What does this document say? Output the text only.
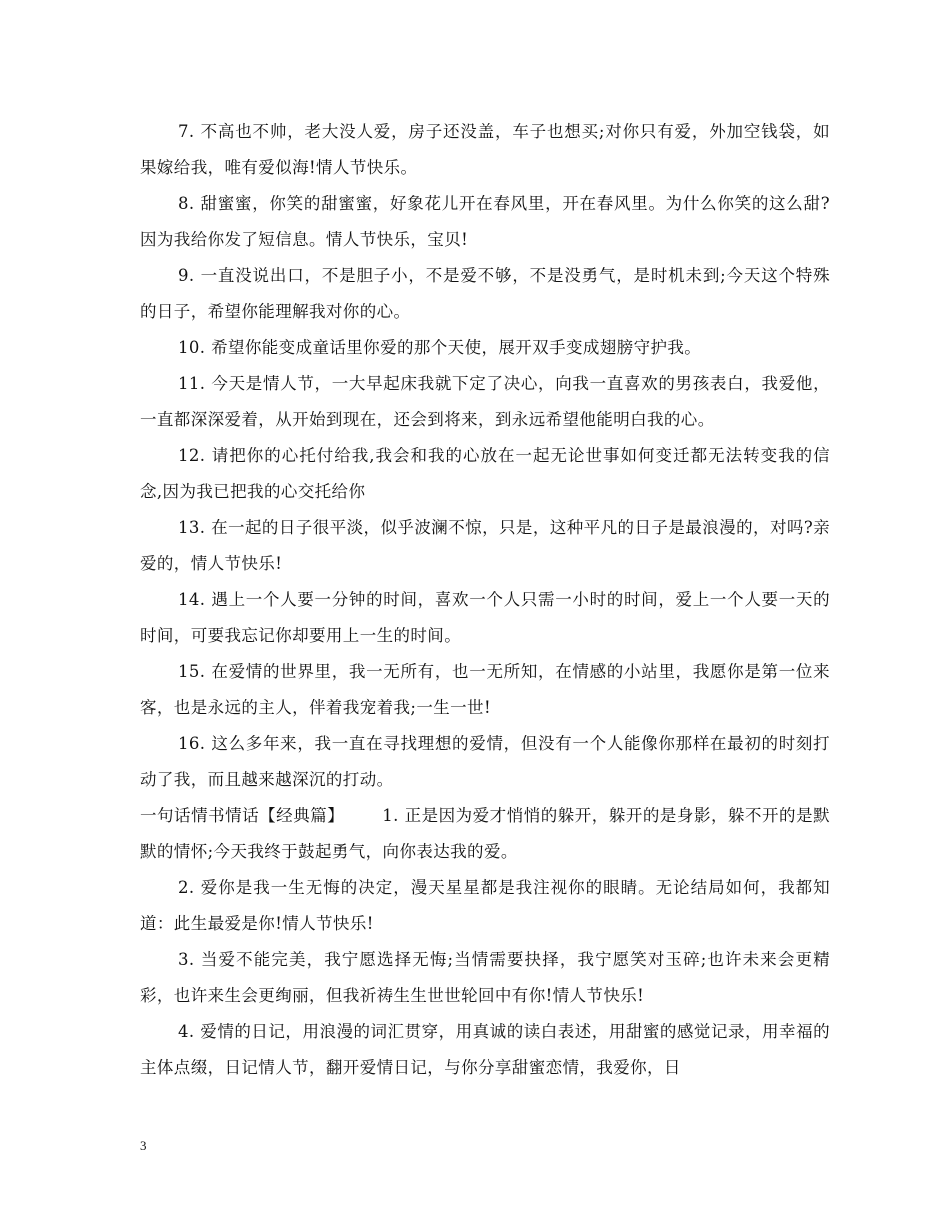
7. 不高也不帅，老大没人爱，房子还没盖，车子也想买;对你只有爱，外加空钱袋，如果嫁给我，唯有爱似海!情人节快乐。

8. 甜蜜蜜，你笑的甜蜜蜜，好象花儿开在春风里，开在春风里。为什么你笑的这么甜?因为我给你发了短信息。情人节快乐，宝贝!

9. 一直没说出口，不是胆子小，不是爱不够，不是没勇气，是时机未到;今天这个特殊的日子，希望你能理解我对你的心。

10. 希望你能变成童话里你爱的那个天使，展开双手变成翅膀守护我。

11. 今天是情人节，一大早起床我就下定了决心，向我一直喜欢的男孩表白，我爱他，一直都深深爱着，从开始到现在，还会到将来，到永远希望他能明白我的心。

12. 请把你的心托付给我,我会和我的心放在一起无论世事如何变迁都无法转变我的信念,因为我已把我的心交托给你

13. 在一起的日子很平淡，似乎波澜不惊，只是，这种平凡的日子是最浪漫的，对吗?亲爱的，情人节快乐!

14. 遇上一个人要一分钟的时间，喜欢一个人只需一小时的时间，爱上一个人要一天的时间，可要我忘记你却要用上一生的时间。

15. 在爱情的世界里，我一无所有，也一无所知，在情感的小站里，我愿你是第一位来客，也是永远的主人，伴着我宠着我;一生一世!

16. 这么多年来，我一直在寻找理想的爱情，但没有一个人能像你那样在最初的时刻打动了我，而且越来越深沉的打动。

一句话情书情话【经典篇】 1. 正是因为爱才悄悄的躲开，躲开的是身影，躲不开的是默默的情怀;今天我终于鼓起勇气，向你表达我的爱。

2. 爱你是我一生无悔的决定，漫天星星都是我注视你的眼睛。无论结局如何，我都知道：此生最爱是你!情人节快乐!

3. 当爱不能完美，我宁愿选择无悔;当情需要抉择，我宁愿笑对玉碎;也许未来会更精彩，也许来生会更绚丽，但我祈祷生生世世轮回中有你!情人节快乐!

4. 爱情的日记，用浪漫的词汇贯穿，用真诚的读白表述，用甜蜜的感觉记录，用幸福的主体点缀，日记情人节，翻开爱情日记，与你分享甜蜜恋情，我爱你，日

3
